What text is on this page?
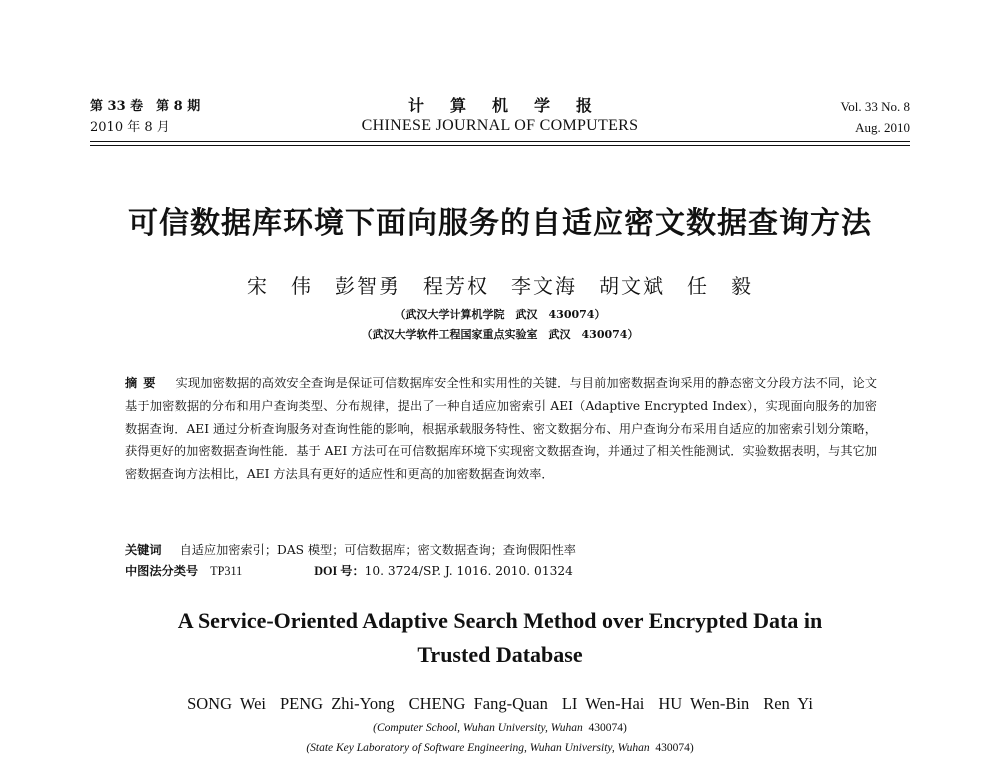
第 33 卷　第 8 期
2010 年 8 月
计算机学报
CHINESE JOURNAL OF COMPUTERS
Vol. 33 No. 8
Aug. 2010
可信数据库环境下面向服务的自适应密文数据查询方法
宋　伟　彭智勇　程芳权　李文海　胡文斌　任　毅
（武汉大学计算机学院　武汉　430074）
（武汉大学软件工程国家重点实验室　武汉　430074）
摘要 实现加密数据的高效安全查询是保证可信数据库安全性和实用性的关键．与目前加密数据查询采用的静态密文分段方法不同，论文基于加密数据的分布和用户查询类型、分布规律，提出了一种自适应加密索引 AEI（Adaptive Encrypted Index），实现面向服务的加密数据查询．AEI 通过分析查询服务对查询性能的影响，根据承载服务特性、密文数据分布、用户查询分布采用自适应的加密索引划分策略，获得更好的加密数据查询性能．基于 AEI 方法可在可信数据库环境下实现密文数据查询，并通过了相关性能测试．实验数据表明，与其它加密数据查询方法相比，AEI 方法具有更好的适应性和更高的加密数据查询效率．
关键词 自适应加密索引；DAS 模型；可信数据库；密文数据查询；查询假阳性率
中图法分类号 TP311	DOI 号：10. 3724/SP. J. 1016. 2010. 01324
A Service-Oriented Adaptive Search Method over Encrypted Data in
Trusted Database
SONG Wei PENG Zhi-Yong CHENG Fang-Quan LI Wen-Hai HU Wen-Bin Ren Yi
(Computer School, Wuhan University, Wuhan 430074)
(State Key Laboratory of Software Engineering, Wuhan University, Wuhan 430074)
